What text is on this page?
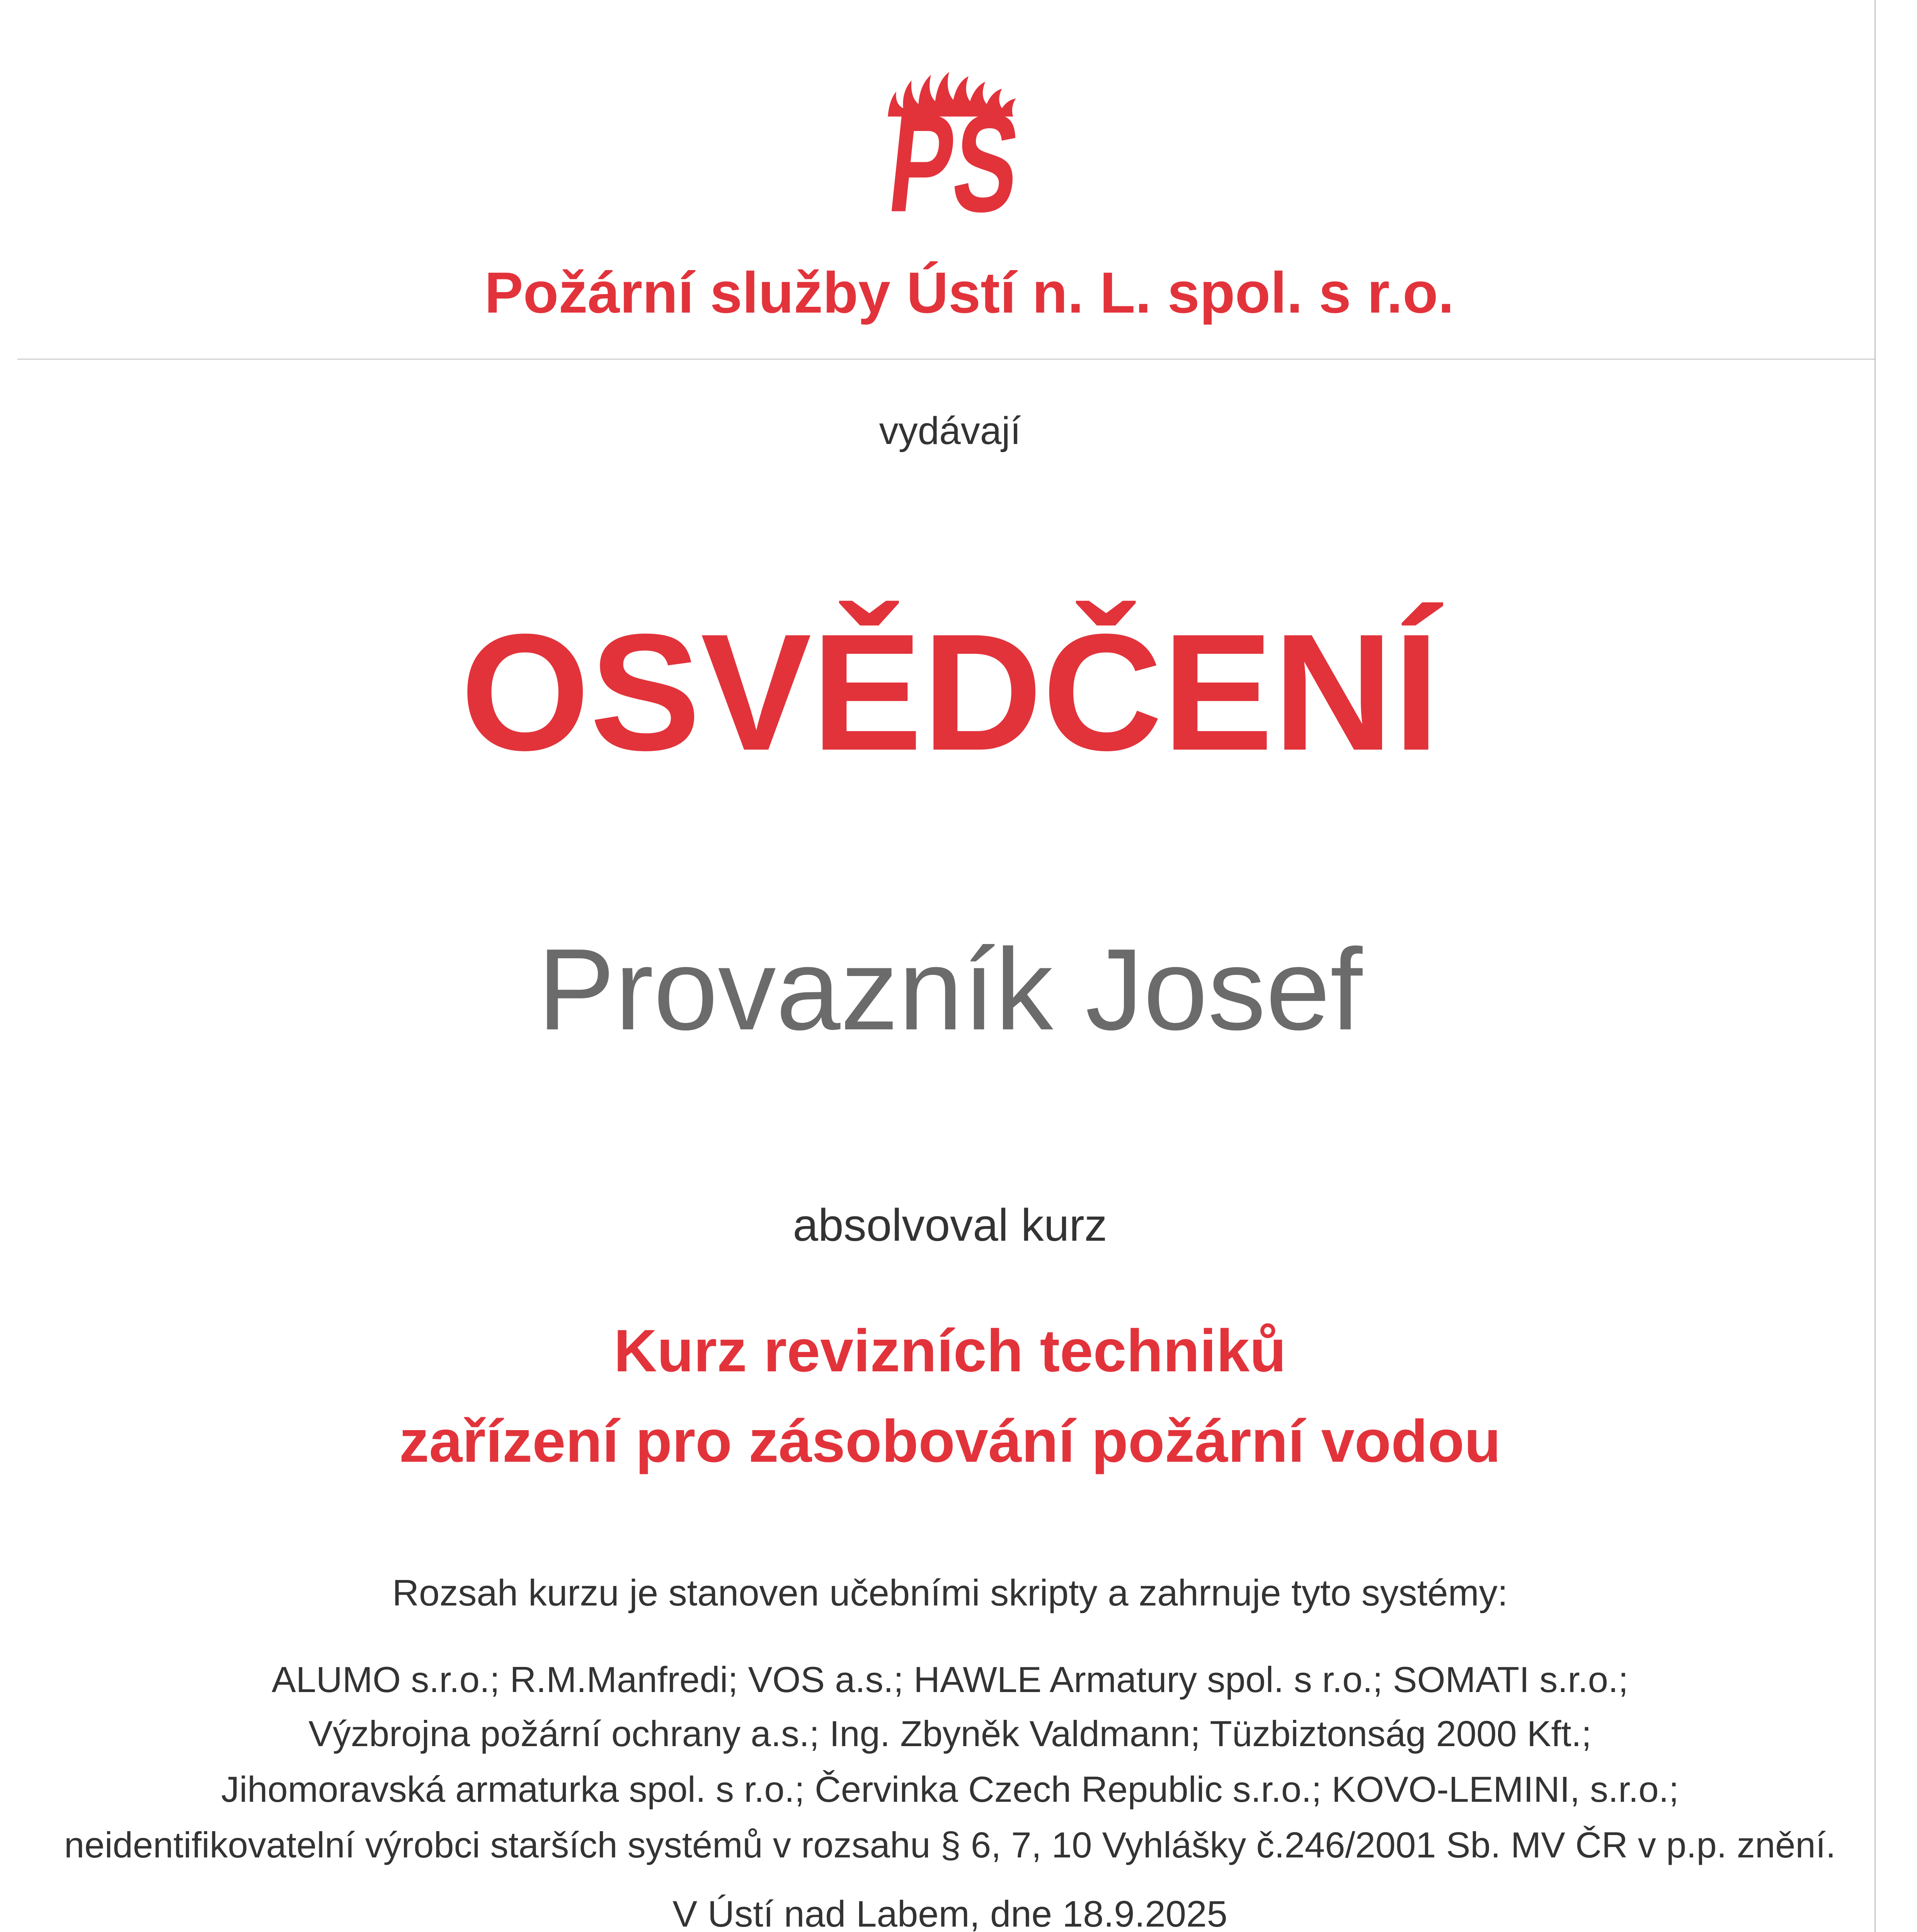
PS
Požární služby Ústí n. L. spol. s r.o.
vydávají
OSVĚDČENÍ
Provazník Josef
absolvoval kurz
Kurz revizních techniků
zařízení pro zásobování požární vodou
Rozsah kurzu je stanoven učebními skripty a zahrnuje tyto systémy:
ALUMO s.r.o.; R.M.Manfredi; VOS a.s.; HAWLE Armatury spol. s r.o.; SOMATI s.r.o.;
Výzbrojna požární ochrany a.s.; Ing. Zbyněk Valdmann; Tüzbiztonság 2000 Kft.;
Jihomoravská armaturka spol. s r.o.; Červinka Czech Republic s.r.o.; KOVO-LEMINI, s.r.o.;
neidentifikovatelní výrobci starších systémů v rozsahu § 6, 7, 10 Vyhlášky č.246/2001 Sb. MV ČR v p.p. znění.
V Ústí nad Labem, dne 18.9.2025
